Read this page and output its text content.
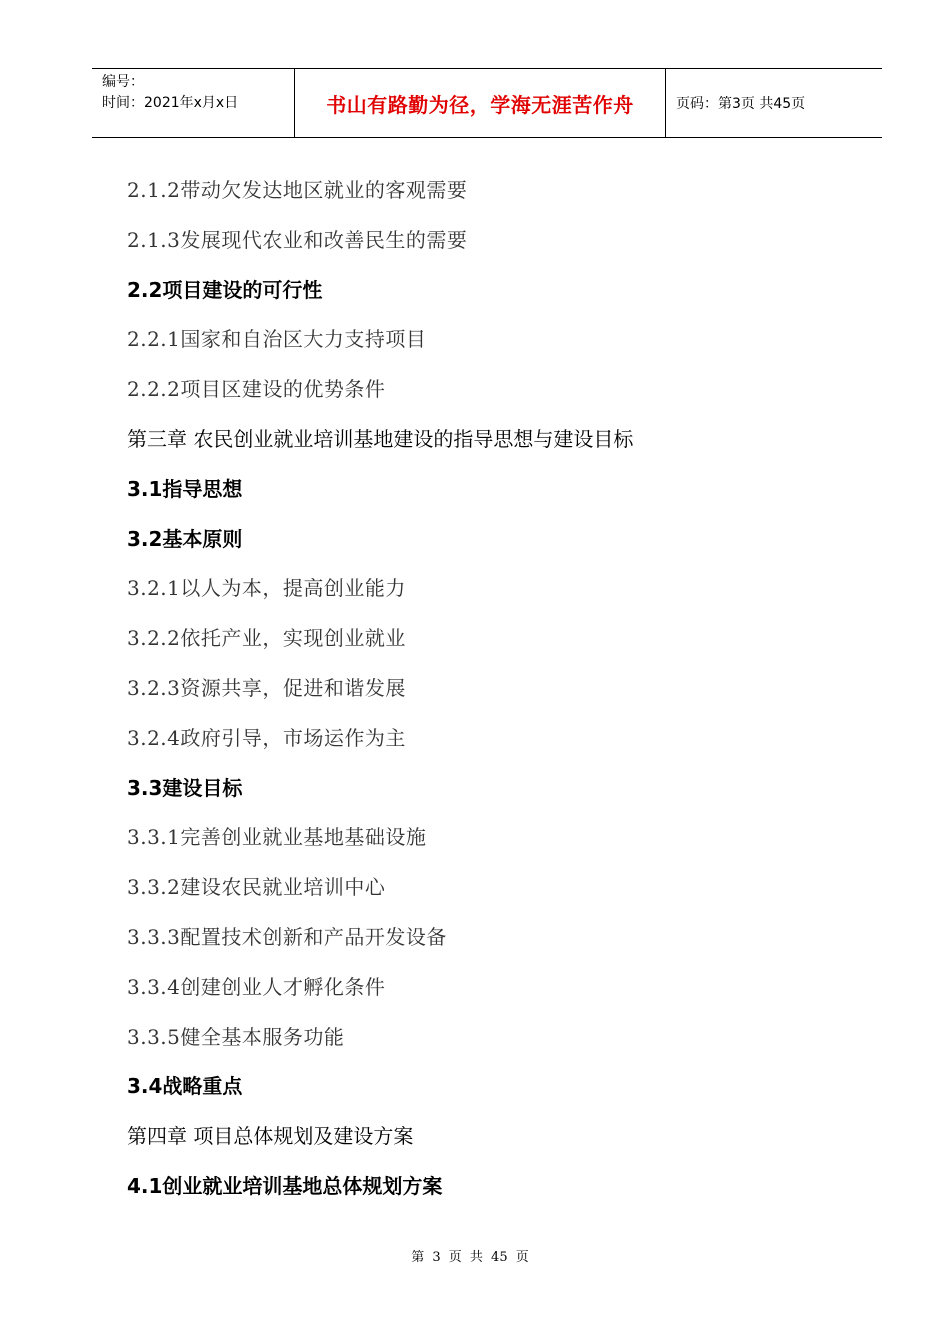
编号：
时间：2021年x月x日	书山有路勤为径，学海无涯苦作舟	页码：第3页 共45页
2.1.2带动欠发达地区就业的客观需要
2.1.3发展现代农业和改善民生的需要
2.2项目建设的可行性
2.2.1国家和自治区大力支持项目
2.2.2项目区建设的优势条件
第三章 农民创业就业培训基地建设的指导思想与建设目标
3.1指导思想
3.2基本原则
3.2.1以人为本，提高创业能力
3.2.2依托产业，实现创业就业
3.2.3资源共享，促进和谐发展
3.2.4政府引导，市场运作为主
3.3建设目标
3.3.1完善创业就业基地基础设施
3.3.2建设农民就业培训中心
3.3.3配置技术创新和产品开发设备
3.3.4创建创业人才孵化条件
3.3.5健全基本服务功能
3.4战略重点
第四章 项目总体规划及建设方案
4.1创业就业培训基地总体规划方案
第 3 页 共 45 页
